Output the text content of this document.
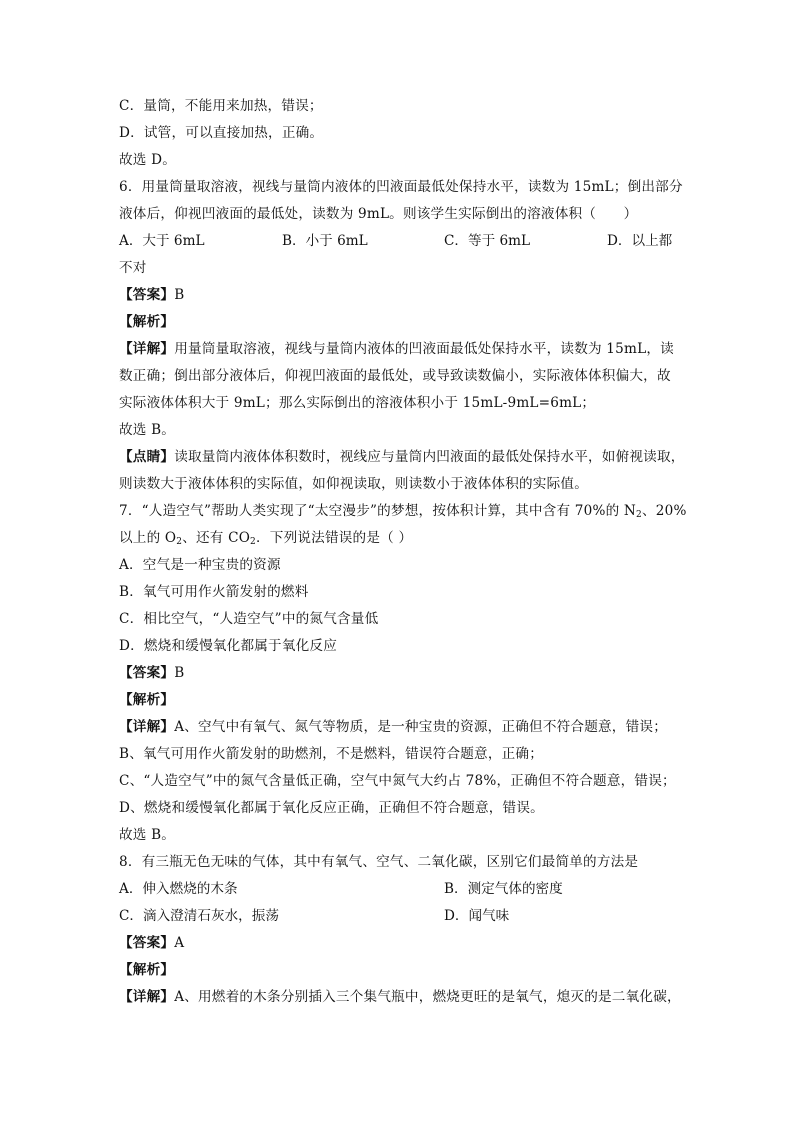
C．量筒，不能用来加热，错误；
D．试管，可以直接加热，正确。
故选 D。
6．用量筒量取溶液，视线与量筒内液体的凹液面最低处保持水平，读数为 15mL；倒出部分
液体后，仰视凹液面的最低处，读数为 9mL。则该学生实际倒出的溶液体积（　　）
A．大于 6mL	B．小于 6mL	C．等于 6mL	D．以上都
不对
【答案】B
【解析】
【详解】用量筒量取溶液，视线与量筒内液体的凹液面最低处保持水平，读数为 15mL，读
数正确；倒出部分液体后，仰视凹液面的最低处，或导致读数偏小，实际液体体积偏大，故
实际液体体积大于 9mL；那么实际倒出的溶液体积小于 15mL-9mL=6mL；
故选 B。
【点睛】读取量筒内液体体积数时，视线应与量筒内凹液面的最低处保持水平，如俯视读取，
则读数大于液体体积的实际值，如仰视读取，则读数小于液体体积的实际值。
7．“人造空气”帮助人类实现了“太空漫步”的梦想，按体积计算，其中含有 70%的 $N_2$、20%
以上的 $O_2$、还有 $CO_2$．下列说法错误的是（ ）
A．空气是一种宝贵的资源
B．氧气可用作火箭发射的燃料
C．相比空气，“人造空气”中的氮气含量低
D．燃烧和缓慢氧化都属于氧化反应
【答案】B
【解析】
【详解】A、空气中有氧气、氮气等物质，是一种宝贵的资源，正确但不符合题意，错误；
B、氧气可用作火箭发射的助燃剂，不是燃料，错误符合题意，正确；
C、“人造空气”中的氮气含量低正确，空气中氮气大约占 78%，正确但不符合题意，错误；
D、燃烧和缓慢氧化都属于氧化反应正确，正确但不符合题意，错误。
故选 B。
8．有三瓶无色无味的气体，其中有氧气、空气、二氧化碳，区别它们最简单的方法是
A．伸入燃烧的木条	B．测定气体的密度
C．滴入澄清石灰水，振荡	D．闻气味
【答案】A
【解析】
【详解】A、用燃着的木条分别插入三个集气瓶中，燃烧更旺的是氧气，熄灭的是二氧化碳，
